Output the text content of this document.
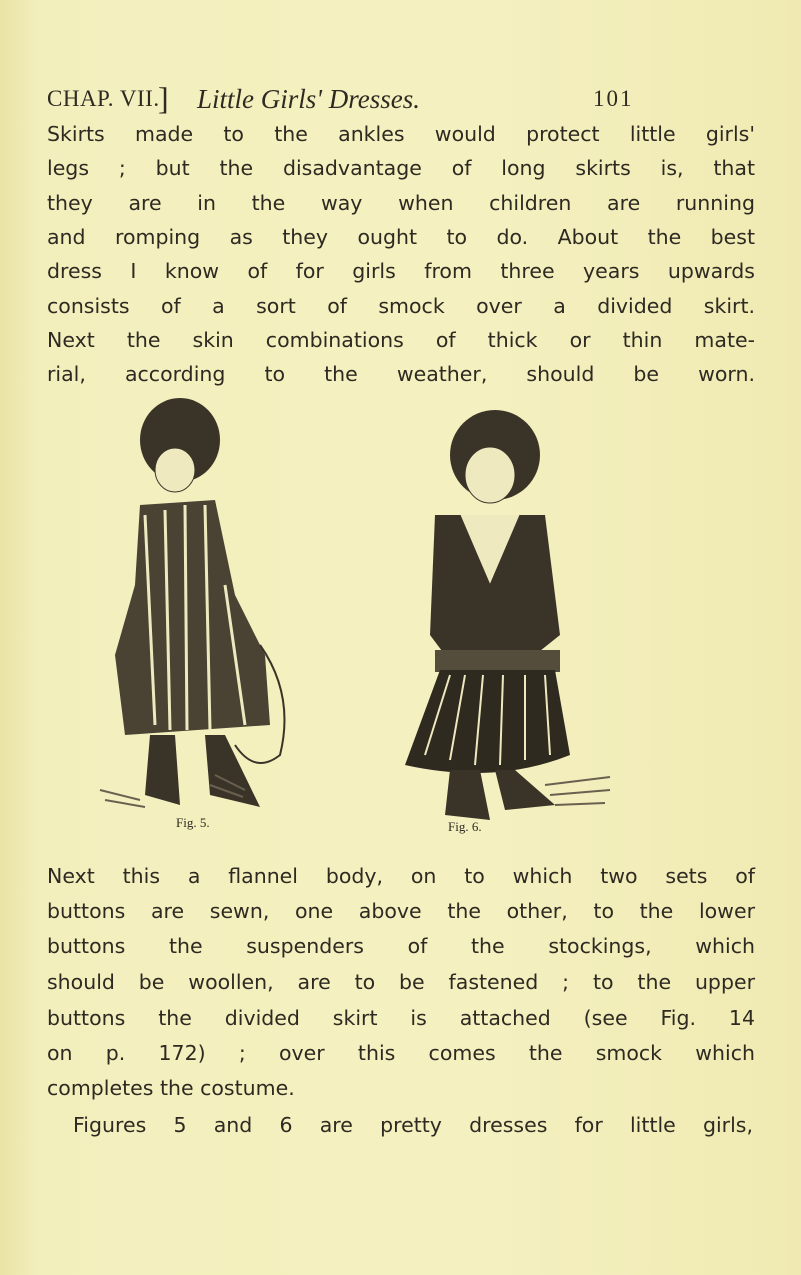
CHAP. VII.
] Little Girls' Dresses.	101
Skirts made to the ankles would protect little girls'
legs ; but the disadvantage of long skirts is, that
they are in the way when children are running
and romping as they ought to do. About the best
dress I know of for girls from three years upwards
consists of a sort of smock over a divided skirt.
Next the skin combinations of thick or thin mate-
rial, according to the weather, should be worn.
Fig. 5.	Fig. 6.
Next this a flannel body, on to which two sets of
buttons are sewn, one above the other, to the lower
buttons the suspenders of the stockings, which
should be woollen, are to be fastened ; to the upper
buttons the divided skirt is attached (see Fig. 14
on p. 172) ; over this comes the smock which
completes the costume.
Figures 5 and 6 are pretty dresses for little girls,
